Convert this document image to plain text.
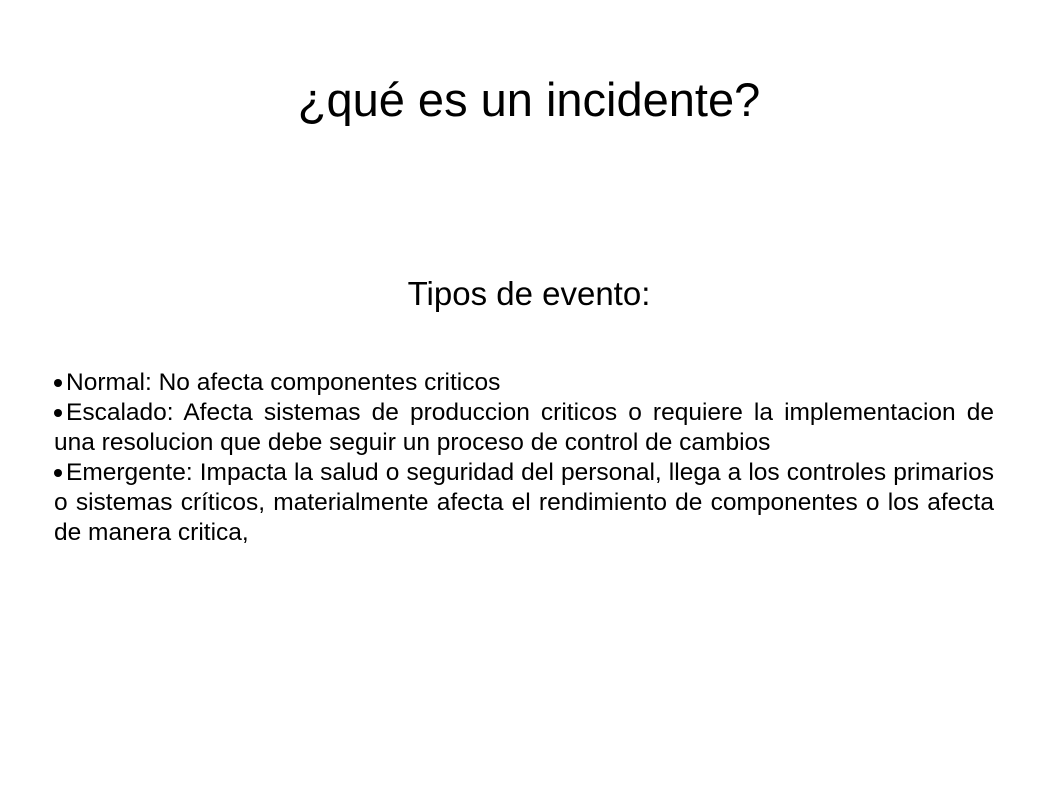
¿qué es un incidente?
Tipos de evento:
Normal: No afecta componentes criticos
Escalado: Afecta sistemas de produccion criticos o requiere la implementacion de una resolucion que debe seguir un proceso de control de cambios
Emergente: Impacta la salud o seguridad del personal, llega a los controles primarios o sistemas críticos, materialmente afecta el rendimiento de componentes o los afecta de manera critica,
